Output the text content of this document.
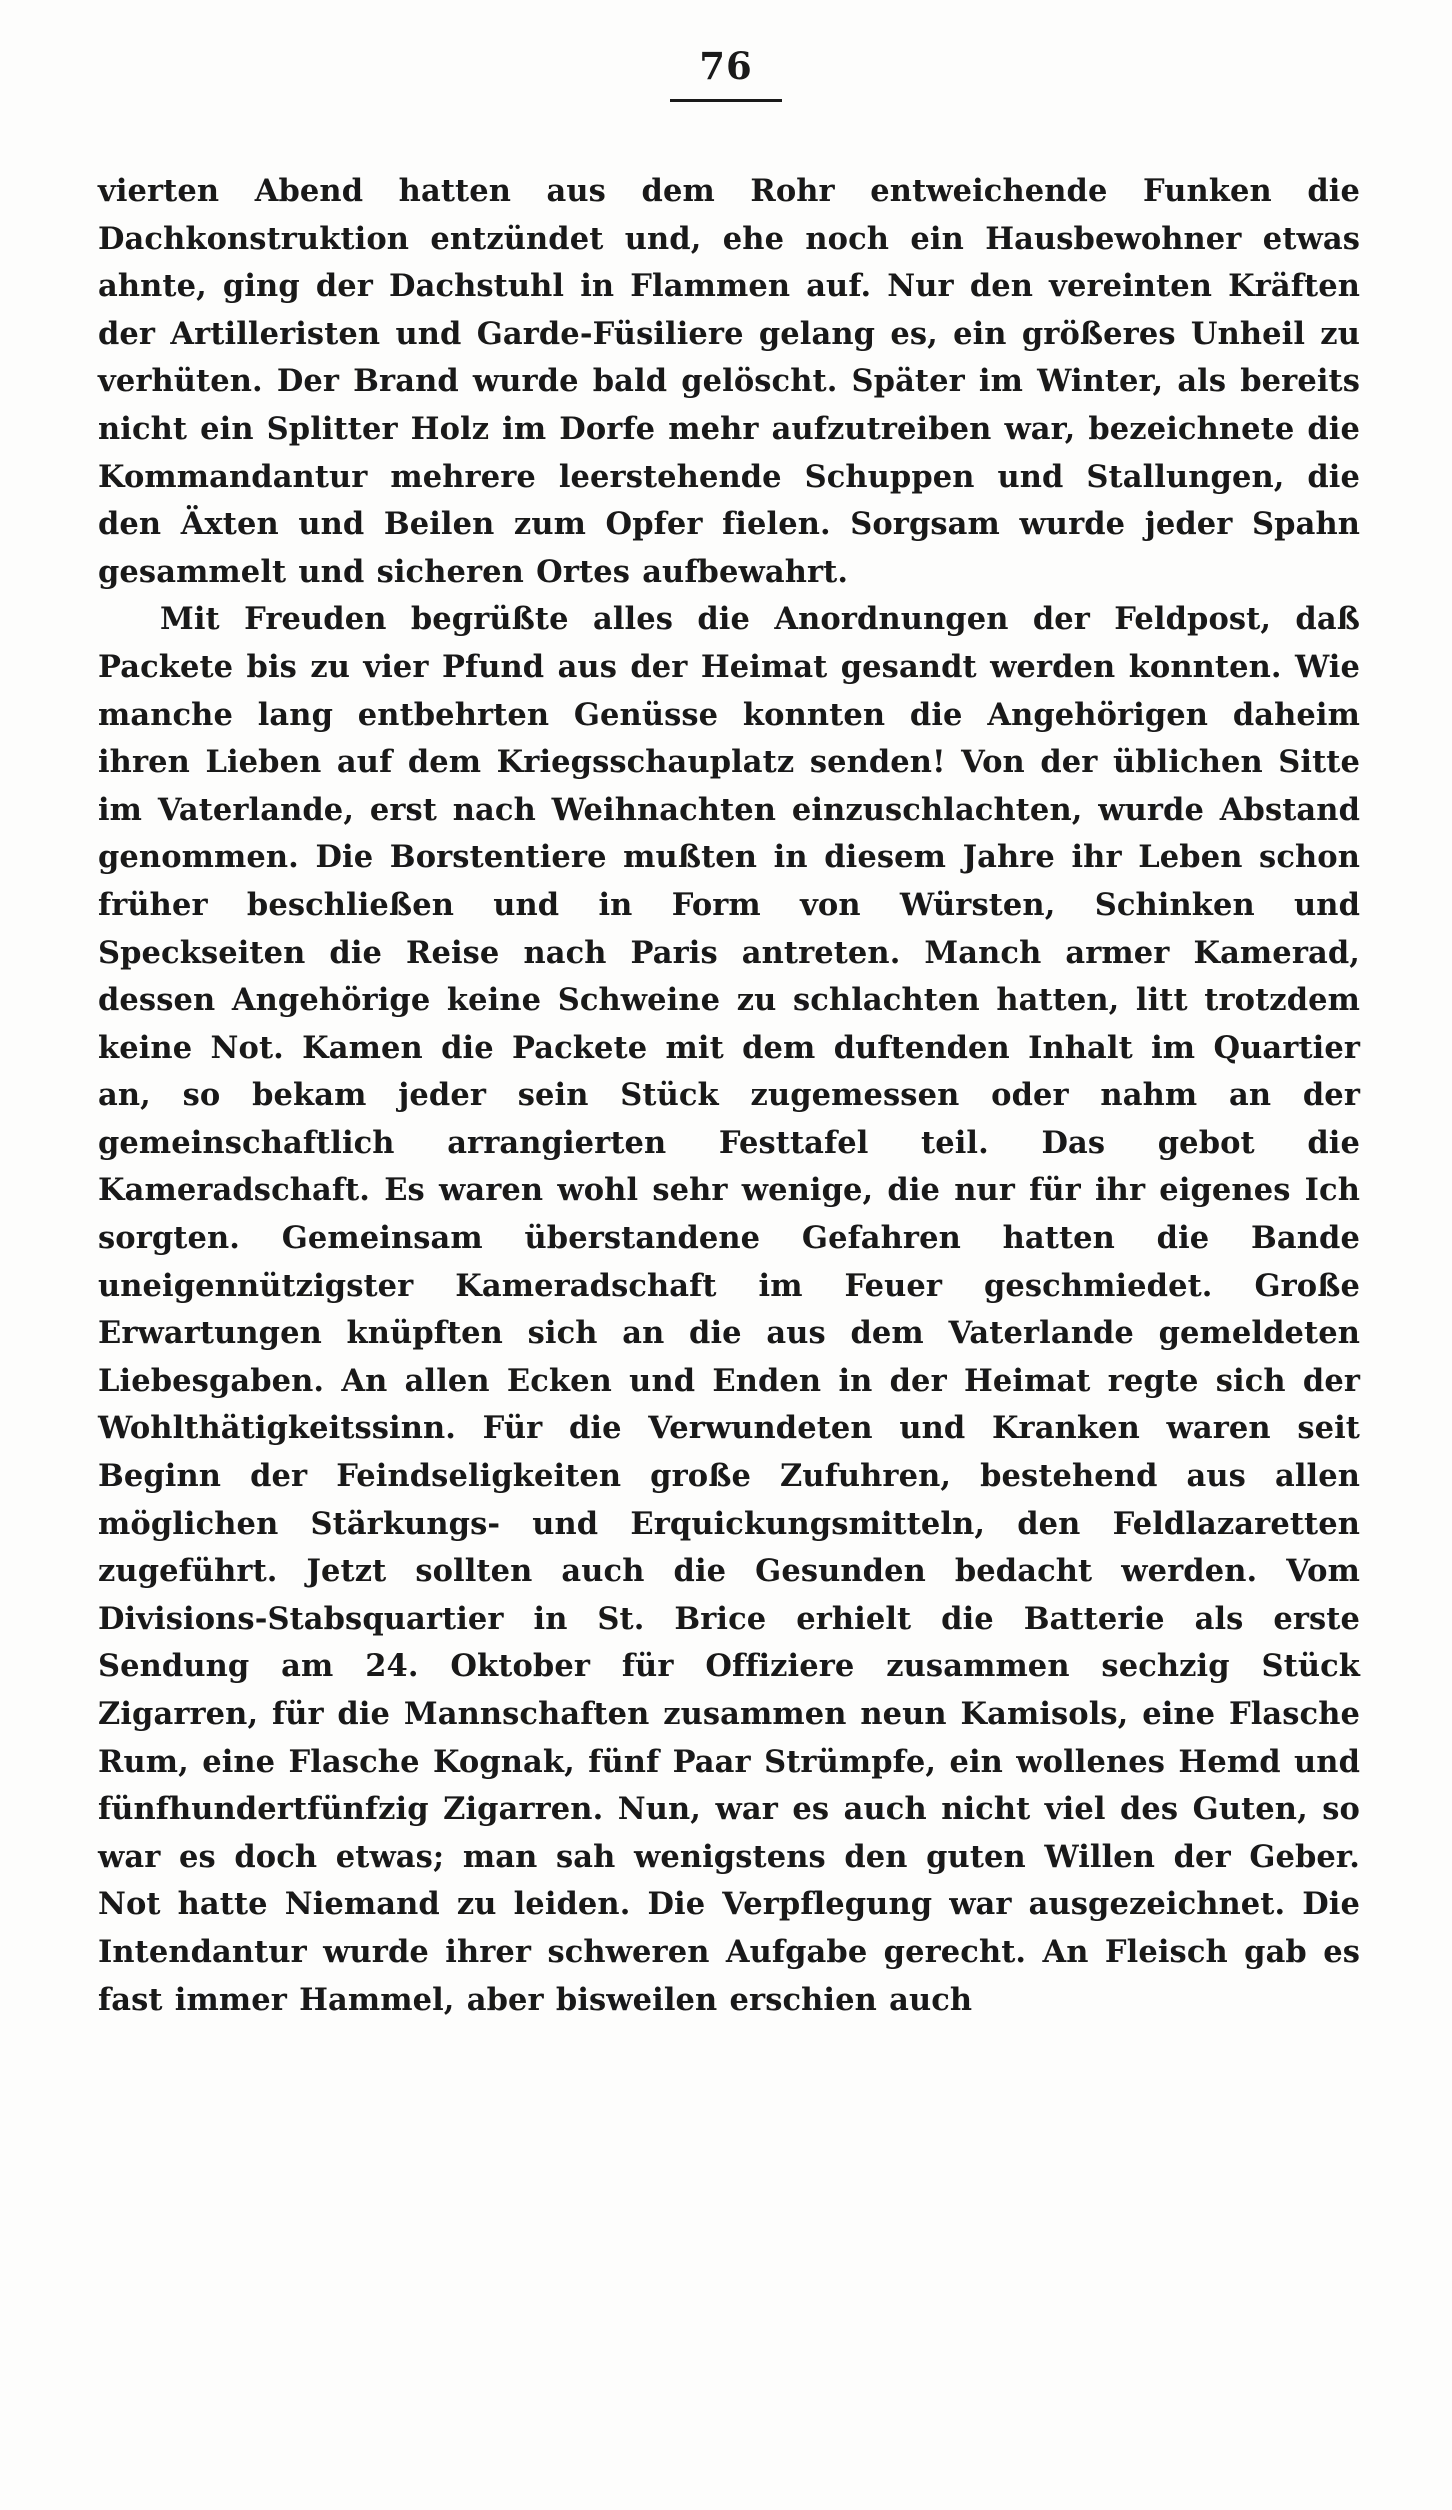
76

vierten Abend hatten aus dem Rohr entweichende Funken die Dachkonstruktion entzündet und, ehe noch ein Hausbewohner etwas ahnte, ging der Dachstuhl in Flammen auf. Nur den vereinten Kräften der Artilleristen und Garde-Füsiliere gelang es, ein größeres Unheil zu verhüten. Der Brand wurde bald gelöscht. Später im Winter, als bereits nicht ein Splitter Holz im Dorfe mehr aufzutreiben war, bezeichnete die Kommandantur mehrere leerstehende Schuppen und Stallungen, die den Äxten und Beilen zum Opfer fielen. Sorgsam wurde jeder Spahn gesammelt und sicheren Ortes aufbewahrt.

Mit Freuden begrüßte alles die Anordnungen der Feldpost, daß Packete bis zu vier Pfund aus der Heimat gesandt werden konnten. Wie manche lang entbehrten Genüsse konnten die Angehörigen daheim ihren Lieben auf dem Kriegsschauplatz senden! Von der üblichen Sitte im Vaterlande, erst nach Weihnachten einzuschlachten, wurde Abstand genommen. Die Borstentiere mußten in diesem Jahre ihr Leben schon früher beschließen und in Form von Würsten, Schinken und Speckseiten die Reise nach Paris antreten. Manch armer Kamerad, dessen Angehörige keine Schweine zu schlachten hatten, litt trotzdem keine Not. Kamen die Packete mit dem duftenden Inhalt im Quartier an, so bekam jeder sein Stück zugemessen oder nahm an der gemeinschaftlich arrangierten Festtafel teil. Das gebot die Kameradschaft. Es waren wohl sehr wenige, die nur für ihr eigenes Ich sorgten. Gemeinsam überstandene Gefahren hatten die Bande uneigennützigster Kameradschaft im Feuer geschmiedet. Große Erwartungen knüpften sich an die aus dem Vaterlande gemeldeten Liebesgaben. An allen Ecken und Enden in der Heimat regte sich der Wohlthätigkeitssinn. Für die Verwundeten und Kranken waren seit Beginn der Feindseligkeiten große Zufuhren, bestehend aus allen möglichen Stärkungs- und Erquickungsmitteln, den Feldlazaretten zugeführt. Jetzt sollten auch die Gesunden bedacht werden. Vom Divisions-Stabsquartier in St. Brice erhielt die Batterie als erste Sendung am 24. Oktober für Offiziere zusammen sechzig Stück Zigarren, für die Mannschaften zusammen neun Kamisols, eine Flasche Rum, eine Flasche Kognak, fünf Paar Strümpfe, ein wollenes Hemd und fünfhundertfünfzig Zigarren. Nun, war es auch nicht viel des Guten, so war es doch etwas; man sah wenigstens den guten Willen der Geber. Not hatte Niemand zu leiden. Die Verpflegung war ausgezeichnet. Die Intendantur wurde ihrer schweren Aufgabe gerecht. An Fleisch gab es fast immer Hammel, aber bisweilen erschien auch
